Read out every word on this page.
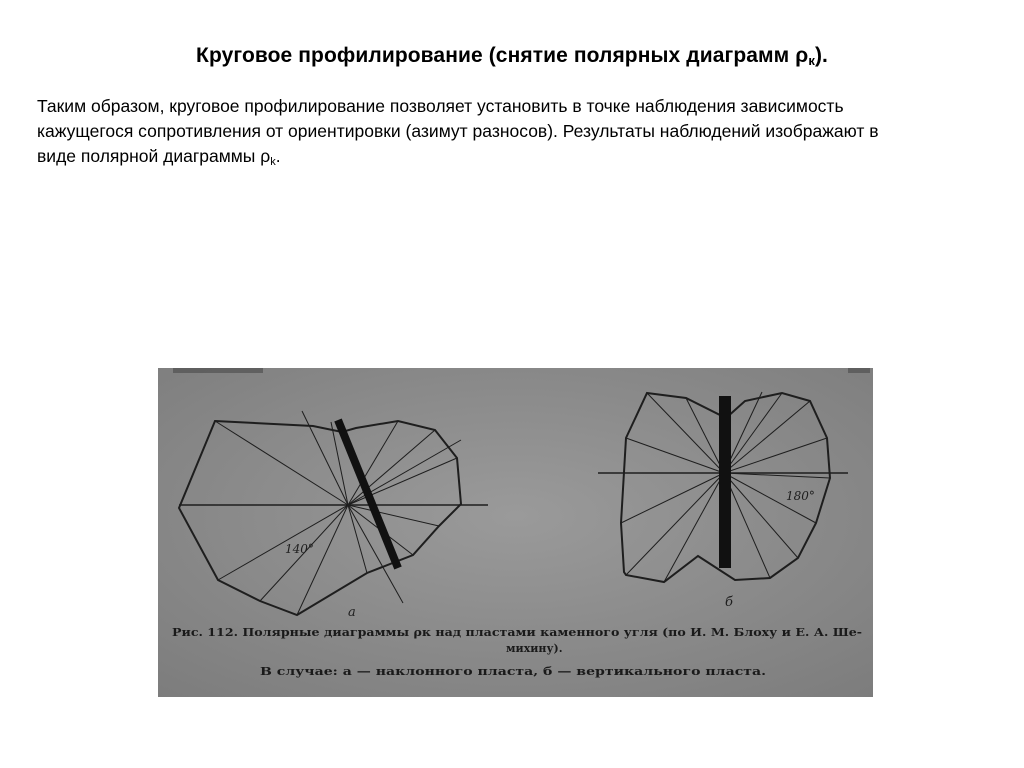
Круговое профилирование (снятие полярных диаграмм $\rho_к$).
Таким образом, круговое профилирование позволяет установить в точке наблюдения зависимость
кажущегося сопротивления от ориентировки (азимут разносов). Результаты наблюдений изображают в
виде полярной диаграммы $\rho_k$.
140°
а
180°
б
Рис. 112. Полярные диаграммы ρк над пластами каменного угля (по И. М. Блоху и Е. А. Ше-
михину).
В случае: а — наклонного пласта, б — вертикального пласта.
